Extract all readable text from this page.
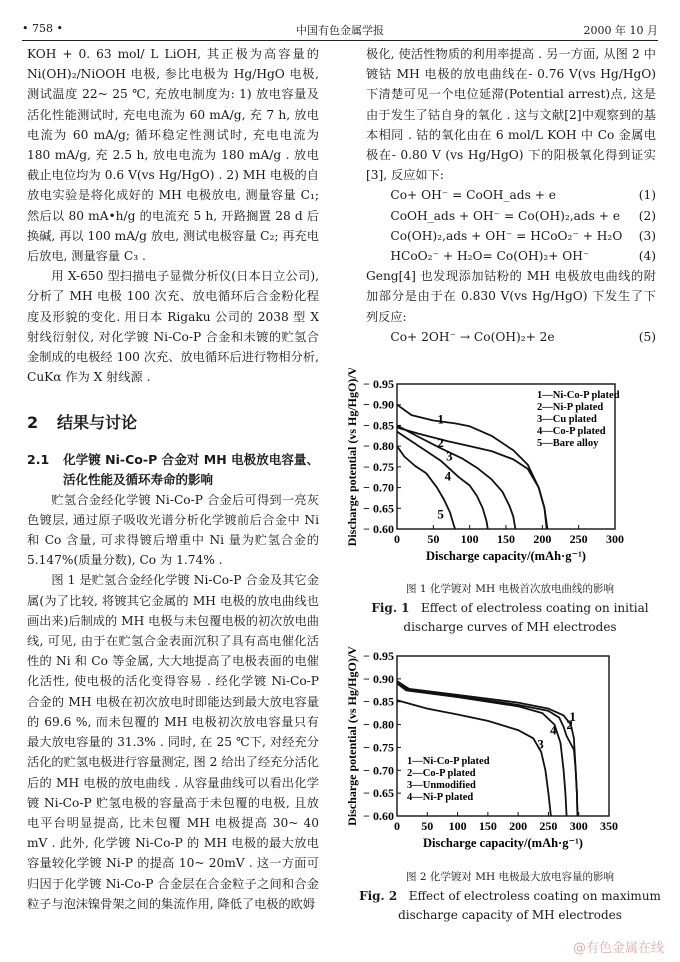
• 758 •	中国有色金属学报	2000 年 10 月

KOH + 0. 63 mol/ L LiOH, 其正极为高容量的Ni(OH)₂/NiOOH 电极, 参比电极为 Hg/HgO 电极, 测试温度 22~ 25 ℃, 充放电制度为: 1) 放电容量及活化性能测试时, 充电电流为 60 mA/g, 充 7 h, 放电电流为 60 mA/g; 循环稳定性测试时, 充电电流为 180 mA/g, 充 2.5 h, 放电电流为 180 mA/g . 放电截止电位均为 0.6 V(vs Hg/HgO) . 2) MH 电极的自放电实验是将化成好的 MH 电极放电, 测量容量 C₁; 然后以 80 mA•h/g 的电流充 5 h, 开路搁置 28 d 后换碱, 再以 100 mA/g 放电, 测试电极容量 C₂; 再充电后放电, 测量容量 C₃ .

用 X-650 型扫描电子显微分析仪(日本日立公司), 分析了 MH 电极 100 次充、放电循环后合金粉化程度及形貌的变化. 用日本 Rigaku 公司的 2038 型 X 射线衍射仪, 对化学镀 Ni-Co-P 合金和未镀的贮氢合金制成的电极经 100 次充、放电循环后进行物相分析, CuKα 作为 X 射线源 .

2 结果与讨论

2.1 化学镀 Ni-Co-P 合金对 MH 电极放电容量、活化性能及循环寿命的影响

贮氢合金经化学镀 Ni-Co-P 合金后可得到一亮灰色镀层, 通过原子吸收光谱分析化学镀前后合金中 Ni 和 Co 含量, 可求得镀后增重中 Ni 量为贮氢合金的 5.147%(质量分数), Co 为 1.74% .

图 1 是贮氢合金经化学镀 Ni-Co-P 合金及其它金属(为了比较, 将镀其它金属的 MH 电极的放电曲线也画出来)后制成的 MH 电极与未包覆电极的初次放电曲线, 可见, 由于在贮氢合金表面沉积了具有高电催化活性的 Ni 和 Co 等金属, 大大地提高了电极表面的电催化活性, 使电极的活化变得容易 . 经化学镀 Ni-Co-P 合金的 MH 电极在初次放电时即能达到最大放电容量的 69.6 %, 而未包覆的 MH 电极初次放电容量只有最大放电容量的 31.3% . 同时, 在 25 ℃下, 对经充分活化的贮氢电极进行容量测定, 图 2 给出了经充分活化后的 MH 电极的放电曲线 . 从容量曲线可以看出化学镀 Ni-Co-P 贮氢电极的容量高于未包覆的电极, 且放电平台明显提高, 比未包覆 MH 电极提高 30~ 40 mV . 此外, 化学镀 Ni-Co-P 的 MH 电极的最大放电容量较化学镀 Ni-P 的提高 10~ 20mV . 这一方面可归因于化学镀 Ni-Co-P 合金层在合金粒子之间和合金粒子与泡沫镍骨架之间的集流作用, 降低了电极的欧姆

极化, 使活性物质的利用率提高 . 另一方面, 从图 2 中镀钴 MH 电极的放电曲线在- 0.76 V(vs Hg/HgO) 下清楚可见一个电位延滞(Potential arrest)点, 这是由于发生了钴自身的氧化 . 这与文献[2]中观察到的基本相同 . 钴的氧化由在 6 mol/L KOH 中 Co 金属电极在- 0.80 V (vs Hg/HgO) 下的阳极氧化得到证实[3], 反应如下:

Co+ OH⁻ = CoOH_ads + e	(1)
CoOH_ads + OH⁻ = Co(OH)₂,ads + e (2)
Co(OH)₂,ads + OH⁻ = HCoO₂⁻ + H₂O (3)
HCoO₂⁻ + H₂O= Co(OH)₂+ OH⁻	(4)

Geng[4] 也发现添加钴粉的 MH 电极放电曲线的附加部分是由于在 0.830 V(vs Hg/HgO) 下发生了下列反应:

Co+ 2OH⁻ → Co(OH)₂+ 2e	(5)
0 50 100 150 200 250 300
− 0.95
− 0.90
− 0.85
− 0.80
− 0.75
− 0.70
− 0.65
− 0.60
Discharge capacity/(mAh·g⁻¹)
Discharge potential (vs Hg/HgO)/V	1
2
3
4
5
1—Ni-Co-P plated
2—Ni-P plated
3—Cu plated
4—Co-P plated
5—Bare alloy
图 1 化学镀对 MH 电极首次放电曲线的影响
Fig. 1 Effect of electroless coating on initial
discharge curves of MH electrodes
0 50 100 150 200 250 300 350
− 0.95
− 0.90
− 0.85
− 0.80
− 0.75
− 0.70
− 0.65
− 0.60
Discharge capacity/(mAh·g⁻¹)
Discharge potential (vs Hg/HgO)/V	1
2
3
4
1—Ni-Co-P plated
2—Co-P plated
3—Unmodified
4—Ni-P plated
图 2 化学镀对 MH 电极最大放电容量的影响
Fig. 2 Effect of electroless coating on maximum
discharge capacity of MH electrodes
@有色金属在线
